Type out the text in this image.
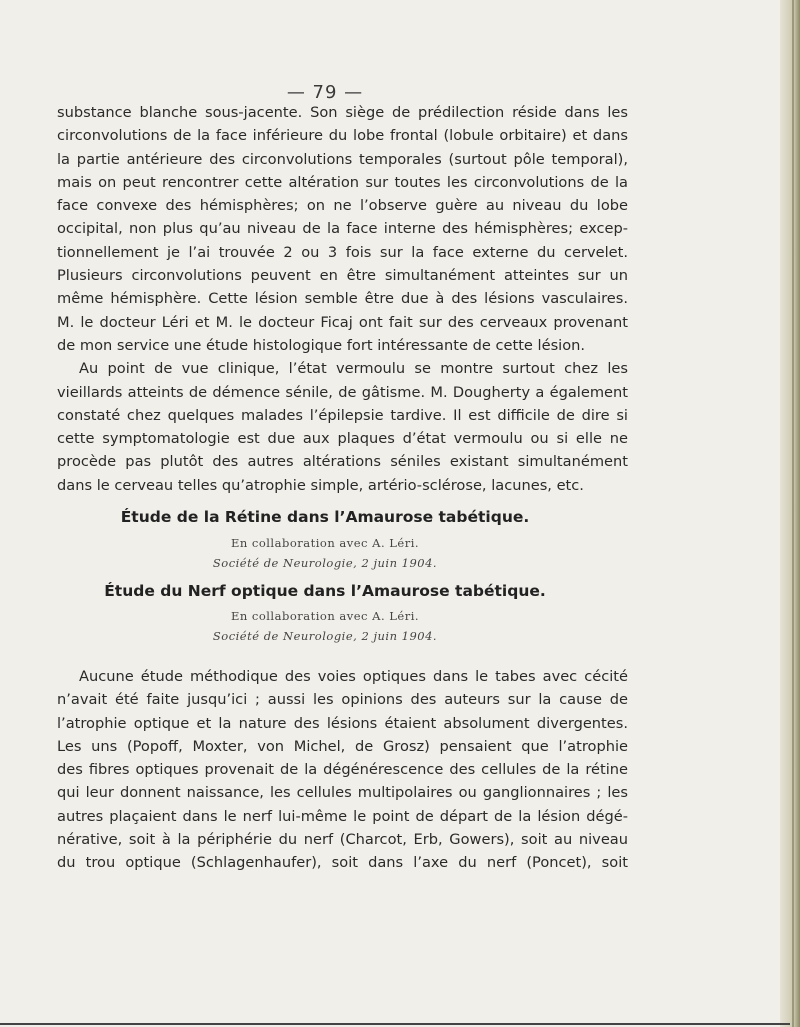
— 79 —
substance blanche sous-jacente. Son siège de prédilection réside dans les
circonvolutions de la face inférieure du lobe frontal (lobule orbitaire) et dans
la partie antérieure des circonvolutions temporales (surtout pôle temporal),
mais on peut rencontrer cette altération sur toutes les circonvolutions de la
face convexe des hémisphères; on ne l’observe guère au niveau du lobe
occipital, non plus qu’au niveau de la face interne des hémisphères; excep-
tionnellement je l’ai trouvée 2 ou 3 fois sur la face externe du cervelet.
Plusieurs circonvolutions peuvent en être simultanément atteintes sur un
même hémisphère. Cette lésion semble être due à des lésions vasculaires.
M. le docteur Léri et M. le docteur Ficaj ont fait sur des cerveaux provenant
de mon service une étude histologique fort intéressante de cette lésion.
Au point de vue clinique, l’état vermoulu se montre surtout chez les
vieillards atteints de démence sénile, de gâtisme. M. Dougherty a également
constaté chez quelques malades l’épilepsie tardive. Il est difficile de dire si
cette symptomatologie est due aux plaques d’état vermoulu ou si elle ne
procède pas plutôt des autres altérations séniles existant simultanément
dans le cerveau telles qu’atrophie simple, artério-sclérose, lacunes, etc.
Étude de la Rétine dans l’Amaurose tabétique.
En collaboration avec A. Léri.
Société de Neurologie, 2 juin 1904.
Étude du Nerf optique dans l’Amaurose tabétique.
En collaboration avec A. Léri.
Société de Neurologie, 2 juin 1904.
Aucune étude méthodique des voies optiques dans le tabes avec cécité
n’avait été faite jusqu’ici ; aussi les opinions des auteurs sur la cause de
l’atrophie optique et la nature des lésions étaient absolument divergentes.
Les uns (Popoff, Moxter, von Michel, de Grosz) pensaient que l’atrophie
des fibres optiques provenait de la dégénérescence des cellules de la rétine
qui leur donnent naissance, les cellules multipolaires ou ganglionnaires ; les
autres plaçaient dans le nerf lui-même le point de départ de la lésion dégé-
nérative, soit à la périphérie du nerf (Charcot, Erb, Gowers), soit au niveau
du trou optique (Schlagenhaufer), soit dans l’axe du nerf (Poncet), soit
